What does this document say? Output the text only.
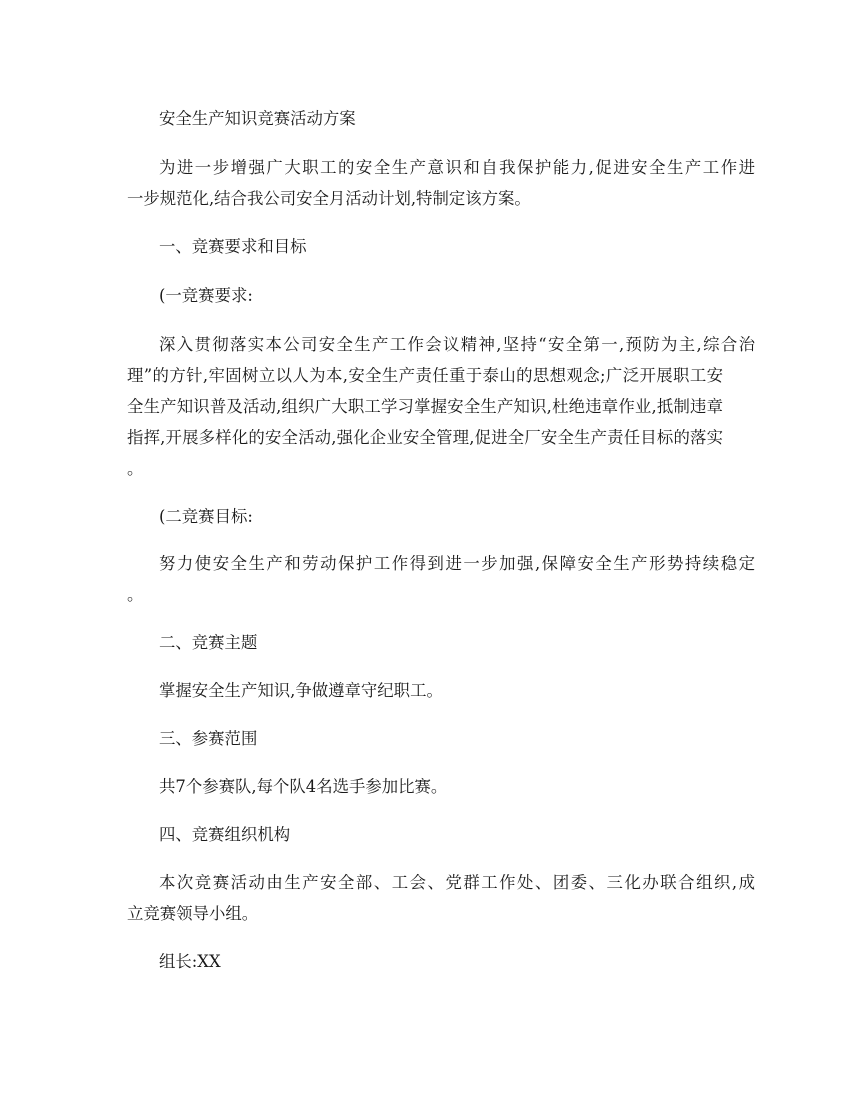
安全生产知识竞赛活动方案
为进一步增强广大职工的安全生产意识和自我保护能力,促进安全生产工作进
一步规范化,结合我公司安全月活动计划,特制定该方案。
一、竞赛要求和目标
(一竞赛要求:
深入贯彻落实本公司安全生产工作会议精神,坚持“安全第一,预防为主,综合治
理”的方针,牢固树立以人为本,安全生产责任重于泰山的思想观念;广泛开展职工安
全生产知识普及活动,组织广大职工学习掌握安全生产知识,杜绝违章作业,抵制违章
指挥,开展多样化的安全活动,强化企业安全管理,促进全厂安全生产责任目标的落实
。
(二竞赛目标:
努力使安全生产和劳动保护工作得到进一步加强,保障安全生产形势持续稳定
。
二、竞赛主题
掌握安全生产知识,争做遵章守纪职工。
三、参赛范围
共7个参赛队,每个队4名选手参加比赛。
四、竞赛组织机构
本次竞赛活动由生产安全部、工会、党群工作处、团委、三化办联合组织,成
立竞赛领导小组。
组长:XX
